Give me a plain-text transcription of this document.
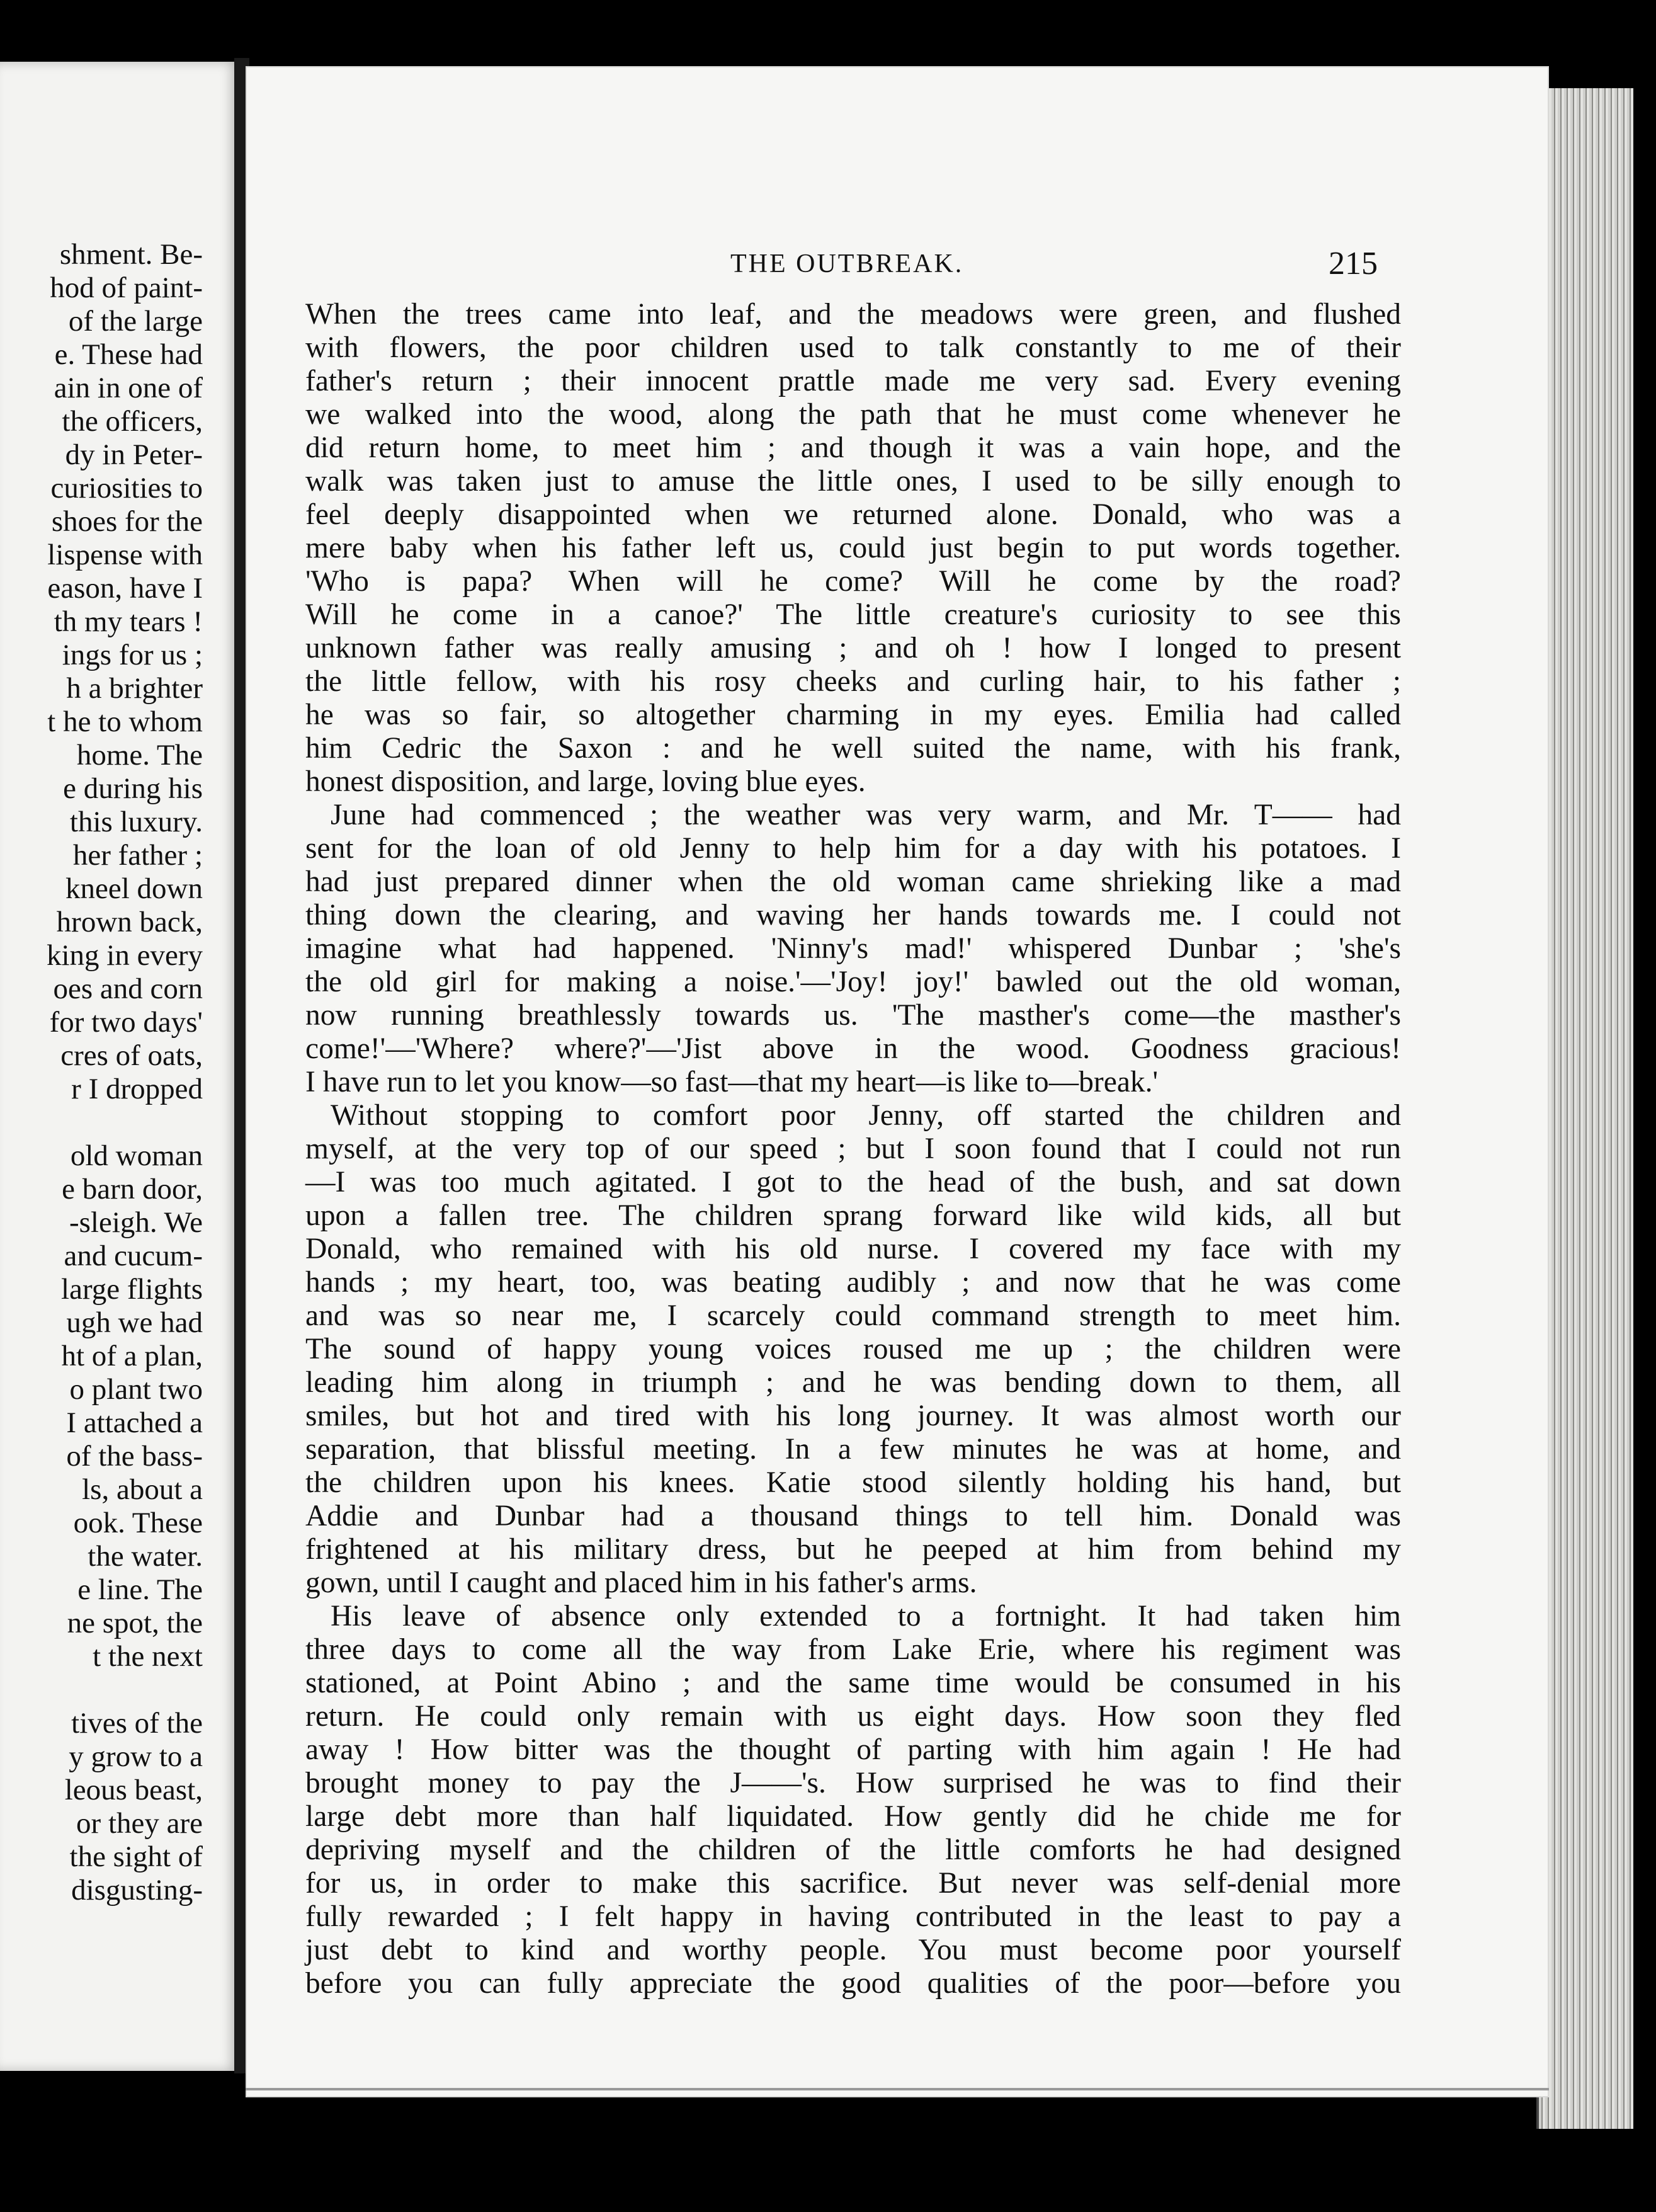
shment. Be-
hod of paint-
of the large
e. These had
ain in one of
the officers,
dy in Peter-
curiosities to
shoes for the
lispense with
eason, have I
th my tears !
ings for us ;
h a brighter
t he to whom
home. The
e during his
this luxury.
her father ;
kneel down
hrown back,
king in every
oes and corn
for two days'
cres of oats,
r I dropped
old woman
e barn door,
-sleigh. We
and cucum-
large flights
ugh we had
ht of a plan,
o plant two
I attached a
of the bass-
ls, about a
ook. These
the water.
e line. The
ne spot, the
t the next
tives of the
y grow to a
leous beast,
or they are
the sight of
disgusting-
THE OUTBREAK.	215
When the trees came into leaf, and the meadows were green, and flushed
with flowers, the poor children used to talk constantly to me of their
father's return ; their innocent prattle made me very sad. Every evening
we walked into the wood, along the path that he must come whenever he
did return home, to meet him ; and though it was a vain hope, and the
walk was taken just to amuse the little ones, I used to be silly enough to
feel deeply disappointed when we returned alone. Donald, who was a
mere baby when his father left us, could just begin to put words together.
'Who is papa? When will he come? Will he come by the road?
Will he come in a canoe?' The little creature's curiosity to see this
unknown father was really amusing ; and oh ! how I longed to present
the little fellow, with his rosy cheeks and curling hair, to his father ;
he was so fair, so altogether charming in my eyes. Emilia had called
him Cedric the Saxon : and he well suited the name, with his frank,
honest disposition, and large, loving blue eyes.
June had commenced ; the weather was very warm, and Mr. T—— had
sent for the loan of old Jenny to help him for a day with his potatoes. I
had just prepared dinner when the old woman came shrieking like a mad
thing down the clearing, and waving her hands towards me. I could not
imagine what had happened. 'Ninny's mad!' whispered Dunbar ; 'she's
the old girl for making a noise.'—'Joy! joy!' bawled out the old woman,
now running breathlessly towards us. 'The masther's come—the masther's
come!'—'Where? where?'—'Jist above in the wood. Goodness gracious!
I have run to let you know—so fast—that my heart—is like to—break.'
Without stopping to comfort poor Jenny, off started the children and
myself, at the very top of our speed ; but I soon found that I could not run
—I was too much agitated. I got to the head of the bush, and sat down
upon a fallen tree. The children sprang forward like wild kids, all but
Donald, who remained with his old nurse. I covered my face with my
hands ; my heart, too, was beating audibly ; and now that he was come
and was so near me, I scarcely could command strength to meet him.
The sound of happy young voices roused me up ; the children were
leading him along in triumph ; and he was bending down to them, all
smiles, but hot and tired with his long journey. It was almost worth our
separation, that blissful meeting. In a few minutes he was at home, and
the children upon his knees. Katie stood silently holding his hand, but
Addie and Dunbar had a thousand things to tell him. Donald was
frightened at his military dress, but he peeped at him from behind my
gown, until I caught and placed him in his father's arms.
His leave of absence only extended to a fortnight. It had taken him
three days to come all the way from Lake Erie, where his regiment was
stationed, at Point Abino ; and the same time would be consumed in his
return. He could only remain with us eight days. How soon they fled
away ! How bitter was the thought of parting with him again ! He had
brought money to pay the J——'s. How surprised he was to find their
large debt more than half liquidated. How gently did he chide me for
depriving myself and the children of the little comforts he had designed
for us, in order to make this sacrifice. But never was self-denial more
fully rewarded ; I felt happy in having contributed in the least to pay a
just debt to kind and worthy people. You must become poor yourself
before you can fully appreciate the good qualities of the poor—before you
